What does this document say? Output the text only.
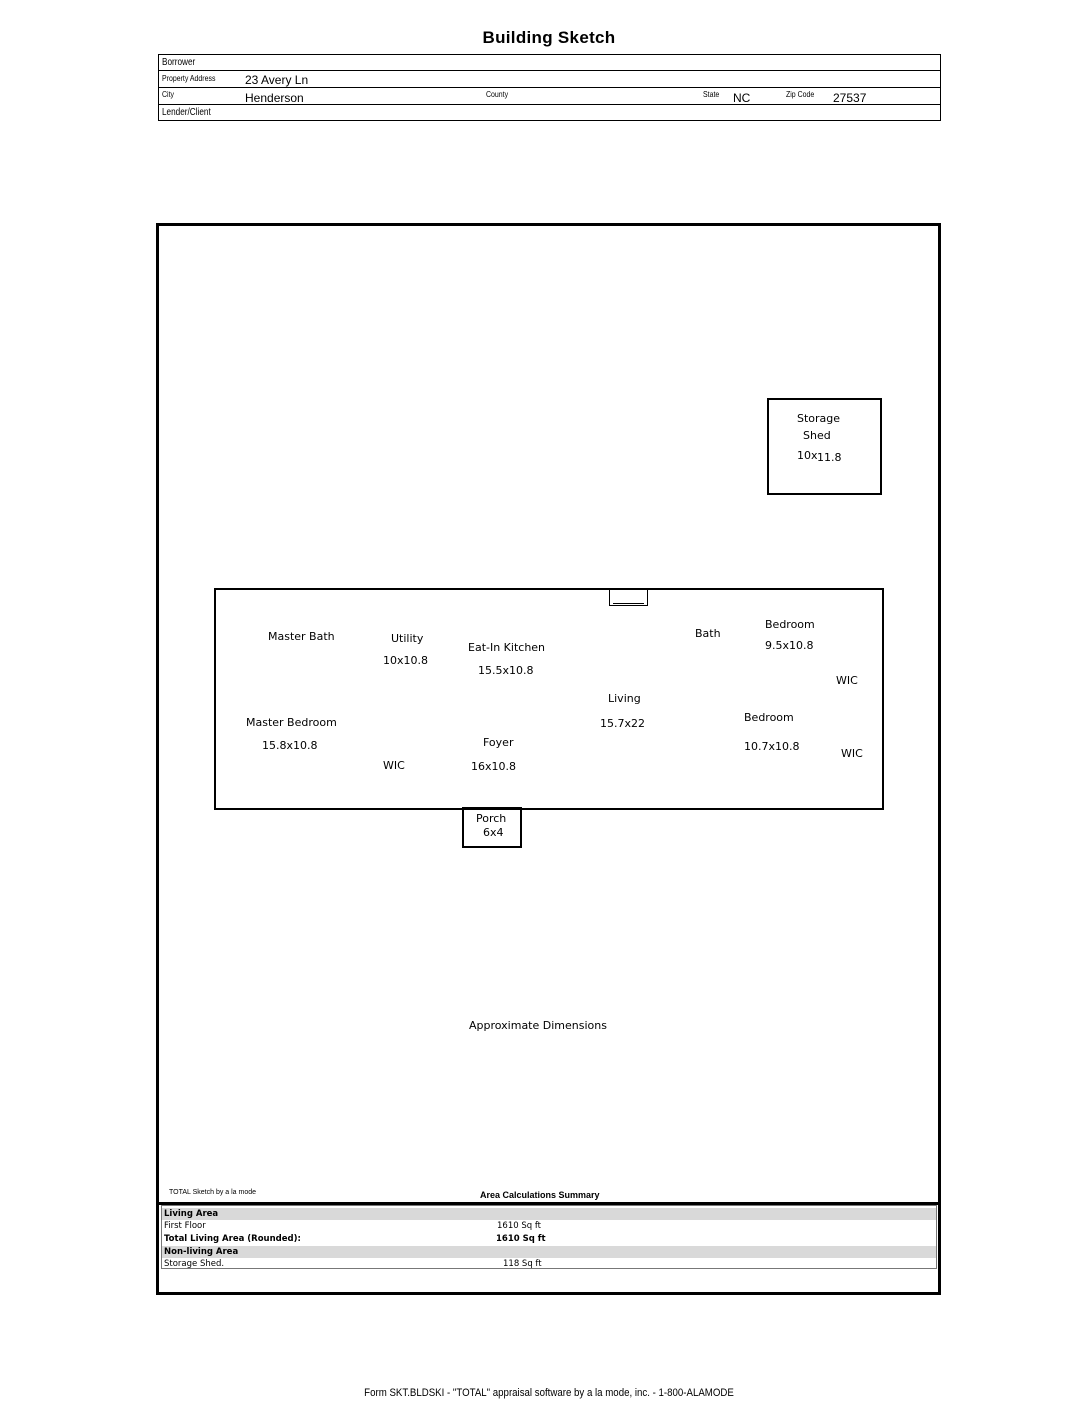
Building Sketch
Borrower
Property Address 23 Avery Ln
City	Henderson	County	State NC	Zip Code 27537
Lender/Client
Storage
Shed
10x 11.8
Master Bath	Utility
10x10.8
Eat-In Kitchen
15.5x10.8
Bath
Bedroom
9.5x10.8
WIC
Living
15.7x22
Master Bedroom
15.8x10.8
Bedroom
10.7x10.8
Foyer
16x10.8
WIC
WIC
Porch
6x4
Approximate Dimensions
TOTAL Sketch by a la mode	Area Calculations Summary
Living Area
First Floor	1610 Sq ft
Total Living Area (Rounded):	1610 Sq ft
Non-living Area
Storage Shed.	118 Sq ft
Form SKT.BLDSKI - "TOTAL" appraisal software by a la mode, inc. - 1-800-ALAMODE
